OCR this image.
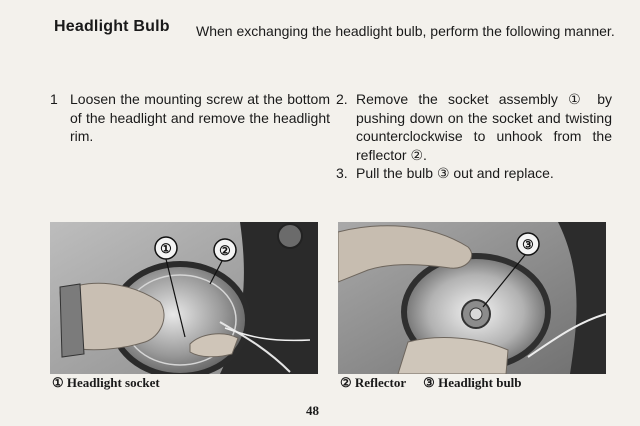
Headlight Bulb When exchanging the headlight bulb, perform the following manner.
1 Loosen the mounting screw at the bottom of the headlight and remove the headlight rim.
2. Remove the socket assembly ① by pushing down on the socket and twisting counterclockwise to unhook from the reflector ②.
3. Pull the bulb ③ out and replace.
①	②	③
① Headlight socket	② Reflector ③ Headlight bulb
48
